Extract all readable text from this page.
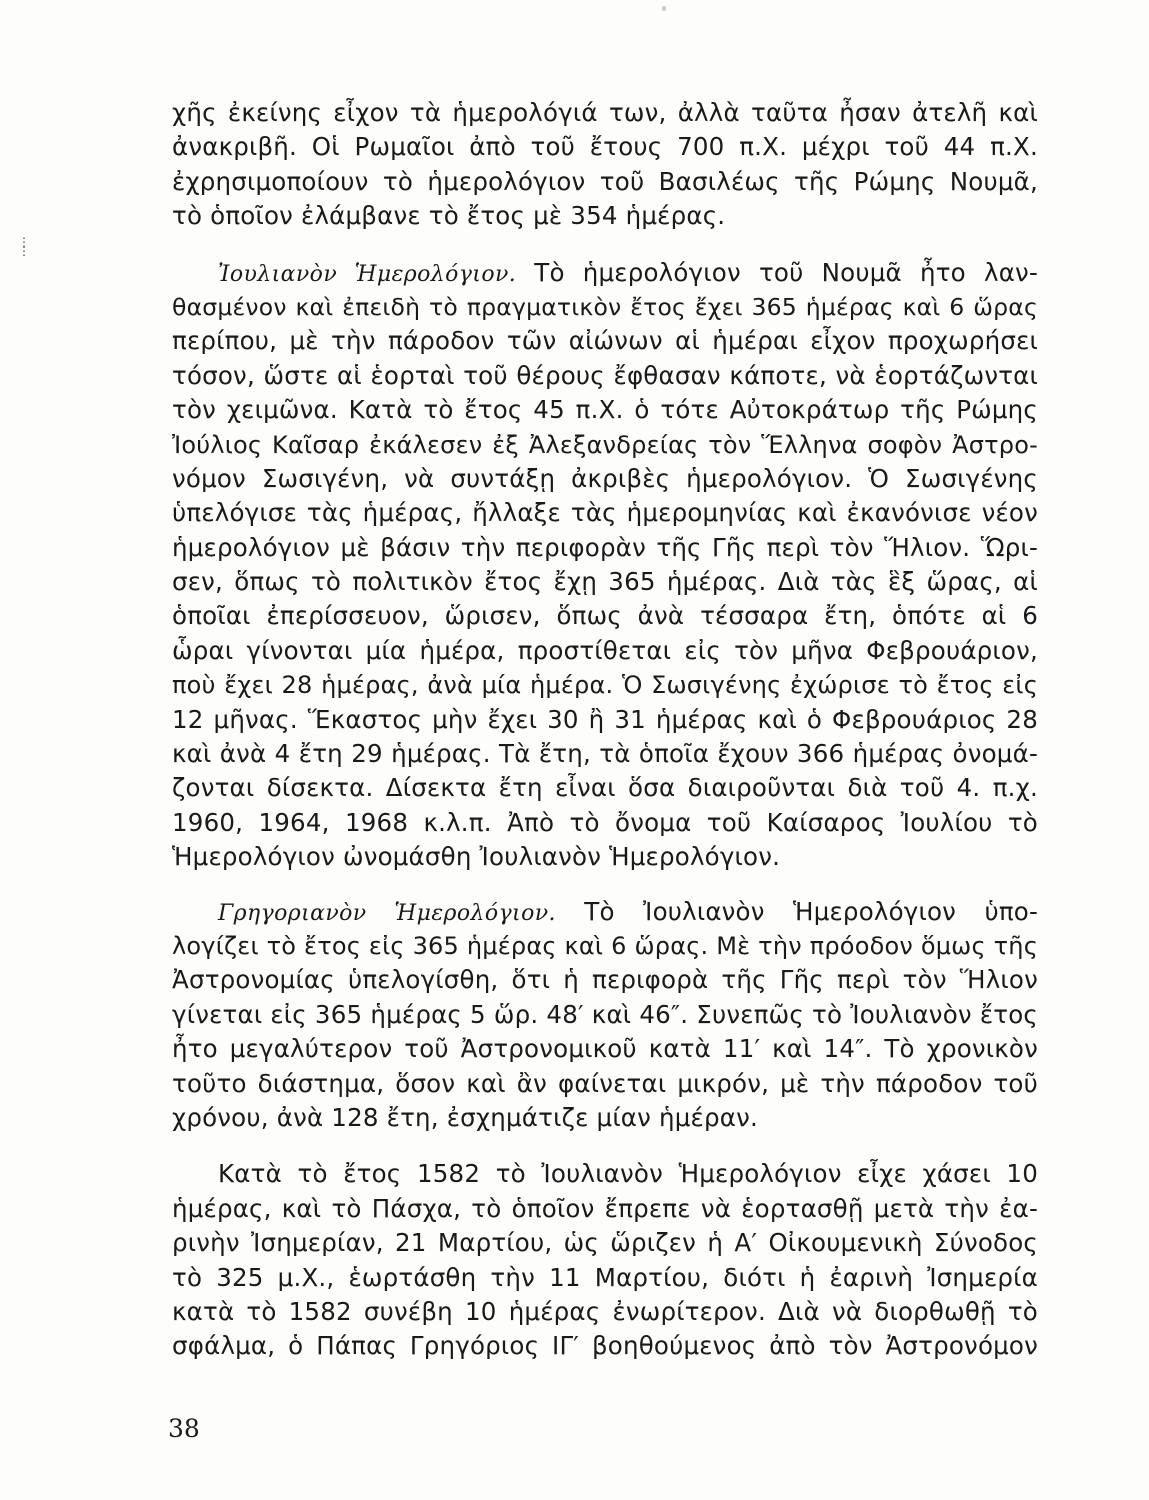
⋮
⋮
χῆς ἐκείνης εἶχον τὰ ἡμερολόγιά των, ἀλλὰ ταῦτα ἦσαν ἀτελῆ καὶ
ἀνακριβῆ. Οἱ Ρωμαῖοι ἀπὸ τοῦ ἔτους 700 π.Χ. μέχρι τοῦ 44 π.Χ.
ἐχρησιμοποίουν τὸ ἡμερολόγιον τοῦ Βασιλέως τῆς Ρώμης Νουμᾶ,
τὸ ὁποῖον ἐλάμβανε τὸ ἔτος μὲ 354 ἡμέρας.
Ἰουλιανὸν Ἡμερολόγιον. Τὸ ἡμερολόγιον τοῦ Νουμᾶ ἦτο λαν-
θασμένον καὶ ἐπειδὴ τὸ πραγματικὸν ἔτος ἔχει 365 ἡμέρας καὶ 6 ὥρας
περίπου, μὲ τὴν πάροδον τῶν αἰώνων αἱ ἡμέραι εἶχον προχωρήσει
τόσον, ὥστε αἱ ἑορταὶ τοῦ θέρους ἔφθασαν κάποτε, νὰ ἑορτάζωνται
τὸν χειμῶνα. Κατὰ τὸ ἔτος 45 π.Χ. ὁ τότε Αὐτοκράτωρ τῆς Ρώμης
Ἰούλιος Καῖσαρ ἐκάλεσεν ἐξ Ἀλεξανδρείας τὸν Ἕλληνα σοφὸν Ἀστρο-
νόμον Σωσιγένη, νὰ συντάξῃ ἀκριβὲς ἡμερολόγιον. Ὁ Σωσιγένης
ὑπελόγισε τὰς ἡμέρας, ἤλλαξε τὰς ἡμερομηνίας καὶ ἐκανόνισε νέον
ἡμερολόγιον μὲ βάσιν τὴν περιφορὰν τῆς Γῆς περὶ τὸν Ἥλιον. Ὥρι-
σεν, ὅπως τὸ πολιτικὸν ἔτος ἔχῃ 365 ἡμέρας. Διὰ τὰς ἓξ ὥρας, αἱ
ὁποῖαι ἐπερίσσευον, ὥρισεν, ὅπως ἀνὰ τέσσαρα ἔτη, ὁπότε αἱ 6
ὧραι γίνονται μία ἡμέρα, προστίθεται εἰς τὸν μῆνα Φεβρουάριον,
ποὺ ἔχει 28 ἡμέρας, ἀνὰ μία ἡμέρα. Ὁ Σωσιγένης ἐχώρισε τὸ ἔτος εἰς
12 μῆνας. Ἕκαστος μὴν ἔχει 30 ἢ 31 ἡμέρας καὶ ὁ Φεβρουάριος 28
καὶ ἀνὰ 4 ἔτη 29 ἡμέρας. Τὰ ἔτη, τὰ ὁποῖα ἔχουν 366 ἡμέρας ὀνομά-
ζονται δίσεκτα. Δίσεκτα ἔτη εἶναι ὅσα διαιροῦνται διὰ τοῦ 4. π.χ.
1960, 1964, 1968 κ.λ.π. Ἀπὸ τὸ ὄνομα τοῦ Καίσαρος Ἰουλίου τὸ
Ἡμερολόγιον ὠνομάσθη Ἰουλιανὸν Ἡμερολόγιον.
Γρηγοριανὸν Ἡμερολόγιον. Τὸ Ἰουλιανὸν Ἡμερολόγιον ὑπο-
λογίζει τὸ ἔτος εἰς 365 ἡμέρας καὶ 6 ὥρας. Μὲ τὴν πρόοδον ὅμως τῆς
Ἀστρονομίας ὑπελογίσθη, ὅτι ἡ περιφορὰ τῆς Γῆς περὶ τὸν Ἥλιον
γίνεται εἰς 365 ἡμέρας 5 ὥρ. 48′ καὶ 46″. Συνεπῶς τὸ Ἰουλιανὸν ἔτος
ἦτο μεγαλύτερον τοῦ Ἀστρονομικοῦ κατὰ 11′ καὶ 14″. Τὸ χρονικὸν
τοῦτο διάστημα, ὅσον καὶ ἂν φαίνεται μικρόν, μὲ τὴν πάροδον τοῦ
χρόνου, ἀνὰ 128 ἔτη, ἐσχημάτιζε μίαν ἡμέραν.
Κατὰ τὸ ἔτος 1582 τὸ Ἰουλιανὸν Ἡμερολόγιον εἶχε χάσει 10
ἡμέρας, καὶ τὸ Πάσχα, τὸ ὁποῖον ἔπρεπε νὰ ἑορτασθῇ μετὰ τὴν ἐα-
ρινὴν Ἰσημερίαν, 21 Μαρτίου, ὡς ὥριζεν ἡ Α′ Οἰκουμενικὴ Σύνοδος
τὸ 325 μ.Χ., ἑωρτάσθη τὴν 11 Μαρτίου, διότι ἡ ἐαρινὴ Ἰσημερία
κατὰ τὸ 1582 συνέβη 10 ἡμέρας ἐνωρίτερον. Διὰ νὰ διορθωθῇ τὸ
σφάλμα, ὁ Πάπας Γρηγόριος ΙΓ′ βοηθούμενος ἀπὸ τὸν Ἀστρονόμον
38
